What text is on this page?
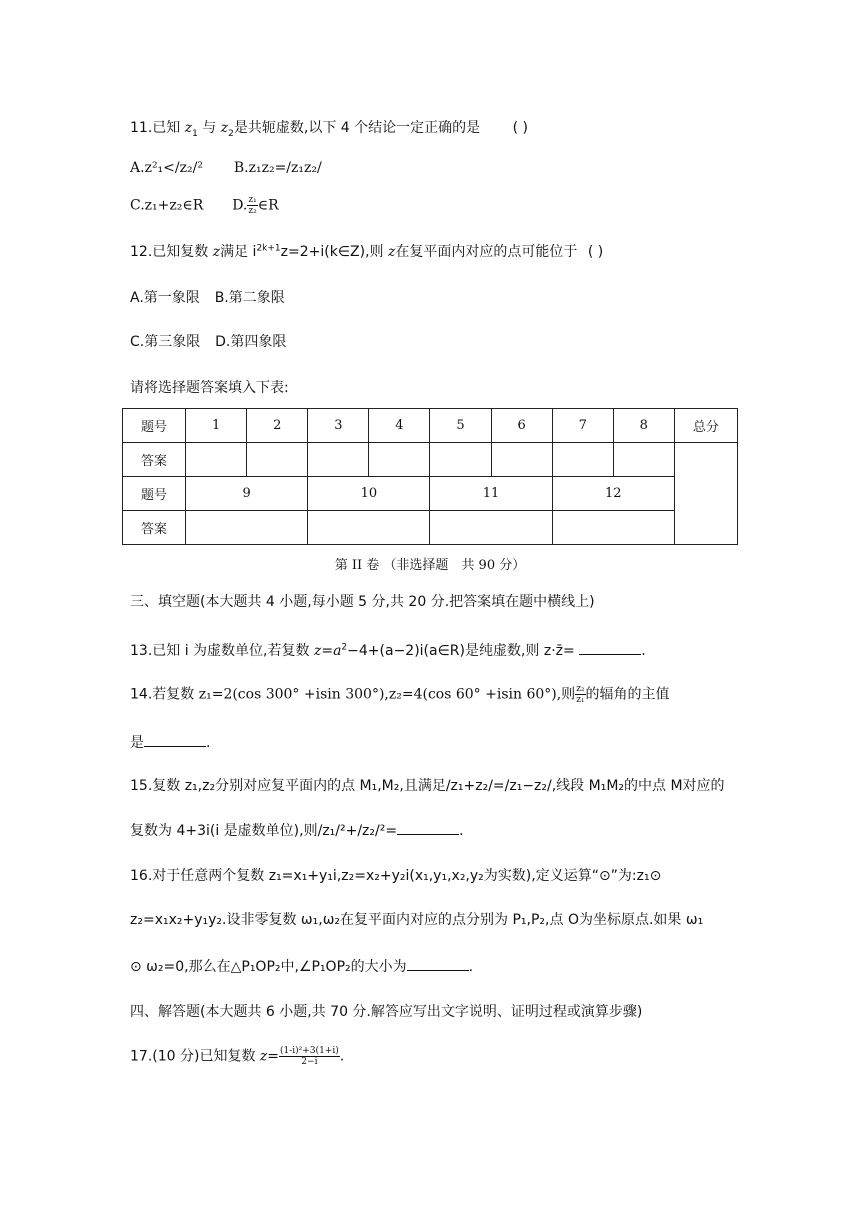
11.已知 $z_1$ 与 $z_2$是共轭虚数,以下 4 个结论一定正确的是 ( )
A.z²₁</z₂/² B.z₁z₂=/z₁z₂/
C.z₁+z₂∈R D. $\frac{\text{z₁}}{\text{z₂}}$ ∈R
12.已知复数 z满足 $i^{2k+1}z=2+i(k\in Z)$,则 z在复平面内对应的点可能位于 ( )
A.第一象限 B.第二象限
C.第三象限 D.第四象限
请将选择题答案填入下表:
题号	1	2	3	4	5	6	7	8	总分
答案									
题号	9		10		11		12		
答案									
第 II 卷 （非选择题　共 90 分）
三、填空题(本大题共 4 小题,每小题 5 分,共 20 分.把答案填在题中横线上)
13.已知 i 为虚数单位,若复数 $z=a^2-4+(a-2)i(a\in R)$是纯虚数,则 z·z̄=	.
14.若复数 z₁=2(cos 300° +isin 300°),z₂=4(cos 60° +isin 60°),则 $\frac{\text{z₂}}{\text{z₁}}$ 的辐角的主值
是	.
15.复数 z₁,z₂分别对应复平面内的点 M₁,M₂,且满足/z₁+z₂/=/z₁−z₂/,线段 M₁M₂的中点 M对应的
复数为 4+3i(i 是虚数单位),则/z₁/²+/z₂/²=	.
16.对于任意两个复数 z₁=x₁+y₁i,z₂=x₂+y₂i(x₁,y₁,x₂,y₂为实数),定义运算“⊙”为:z₁⊙
z₂=x₁x₂+y₁y₂.设非零复数 ω₁,ω₂在复平面内对应的点分别为 P₁,P₂,点 O为坐标原点.如果 ω₁
⊙ ω₂=0,那么在△P₁OP₂中,∠P₁OP₂的大小为	.
四、解答题(本大题共 6 小题,共 70 分.解答应写出文字说明、证明过程或演算步骤)
17.(10 分)已知复数 $z= \frac{\text{(1-i)²+3(1+i)}}{2-i}$ .
